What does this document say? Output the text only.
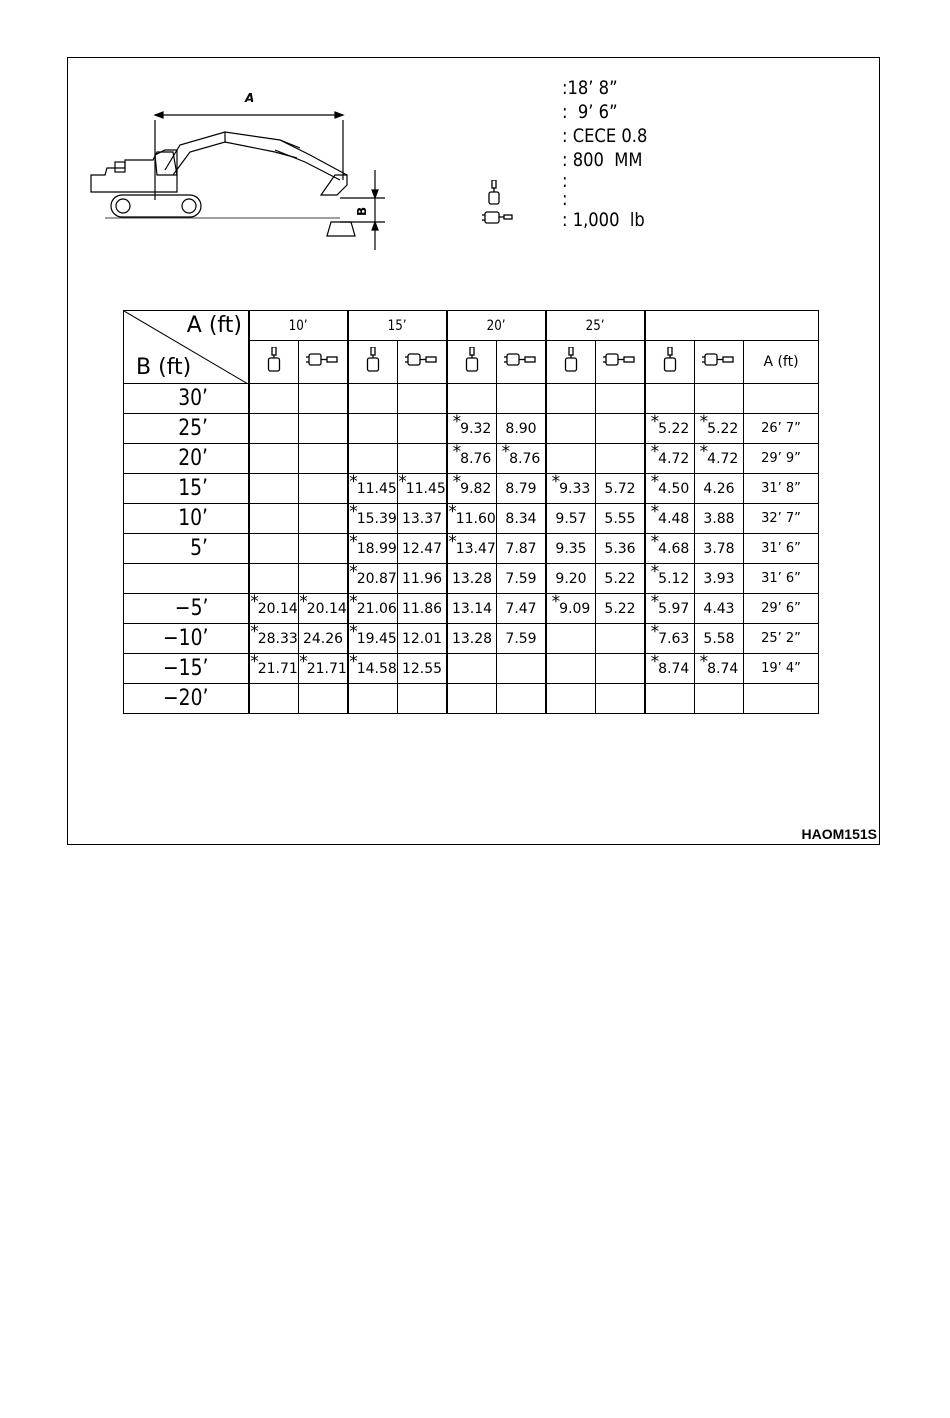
A
B
:18’ 8”
:  9’ 6”
: CECE 0.8
: 800  MM
:
:
: 1,000  lb
A (ft)
B (ft)	10’		15’		20’		25’				
										A (ft)
30’											
25’					*9.32	8.90			*5.22	*5.22	26’ 7”
20’					*8.76	*8.76			*4.72	*4.72	29’ 9”
15’			*11.45	*11.45	*9.82	8.79	*9.33	5.72	*4.50	4.26	31’ 8”
10’			*15.39	13.37	*11.60	8.34	9.57	5.55	*4.48	3.88	32’ 7”
5’			*18.99	12.47	*13.47	7.87	9.35	5.36	*4.68	3.78	31’ 6”
			*20.87	11.96	13.28	7.59	9.20	5.22	*5.12	3.93	31’ 6”
−5’	*20.14	*20.14	*21.06	11.86	13.14	7.47	*9.09	5.22	*5.97	4.43	29’ 6”
−10’	*28.33	24.26	*19.45	12.01	13.28	7.59			*7.63	5.58	25’ 2”
−15’	*21.71	*21.71	*14.58	12.55					*8.74	*8.74	19’ 4”
−20’											
HAOM151S
